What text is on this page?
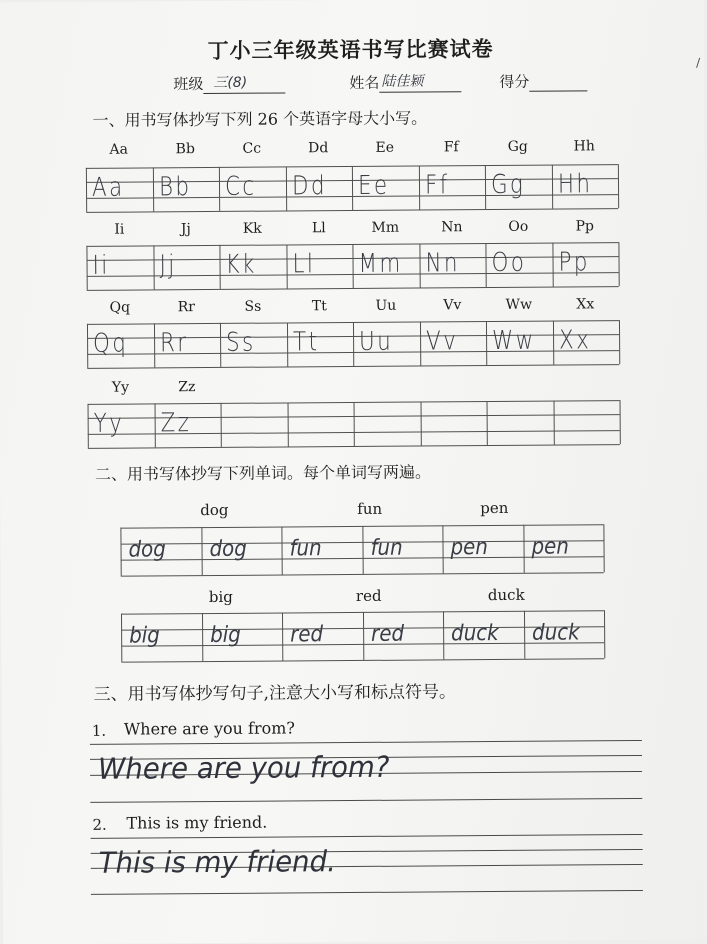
丁小三年级英语书写比赛试卷
班级 三(8)	姓名 陆佳颖	得分
/
一、用书写体抄写下列 26 个英语字母大小写。
Aa	Bb	Cc	Dd	Ee	Ff	Gg	Hh
Aa Bb Cc Dd Ee Ff Gg Hh
Ii	Jj	Kk	Ll	Mm	Nn	Oo	Pp
Ii Jj Kk Ll Mm Nn Oo Pp
Qq	Rr	Ss	Tt	Uu	Vv	Ww	Xx
Qq Rr Ss Tt Uu Vv Ww Xx
Yy	Zz
Yy Zz
二、用书写体抄写下列单词。每个单词写两遍。
dog	fun	pen
dog dog fun fun pen pen
big	red	duck
big big red red duck duck
三、用书写体抄写句子,注意大小写和标点符号。
1. Where are you from?
Where are you from?
2. This is my friend.
This is my friend.
